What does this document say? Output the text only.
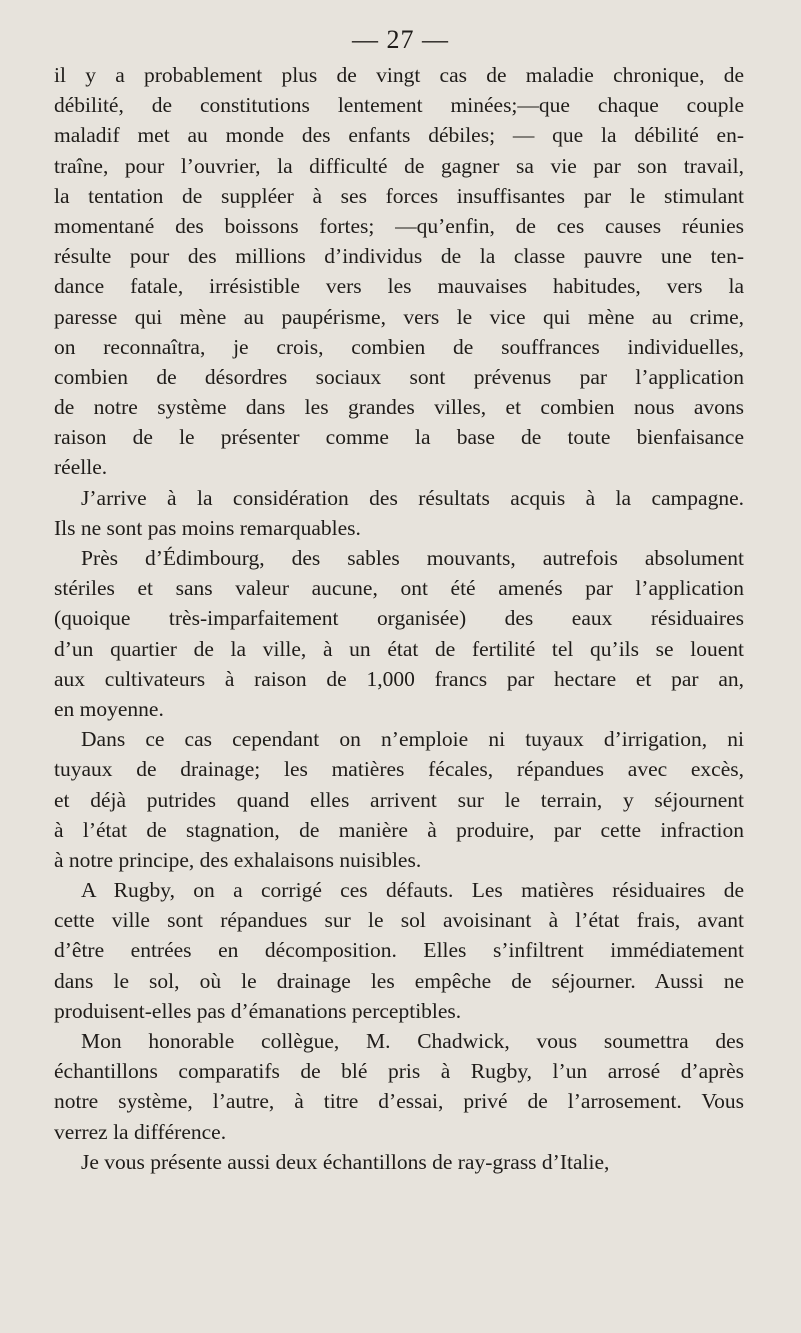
— 27 —
il y a probablement plus de vingt cas de maladie chronique, de
débilité, de constitutions lentement minées;—que chaque couple
maladif met au monde des enfants débiles; — que la débilité en-
traîne, pour l’ouvrier, la difficulté de gagner sa vie par son travail,
la tentation de suppléer à ses forces insuffisantes par le stimulant
momentané des boissons fortes; —qu’enfin, de ces causes réunies
résulte pour des millions d’individus de la classe pauvre une ten-
dance fatale, irrésistible vers les mauvaises habitudes, vers la
paresse qui mène au paupérisme, vers le vice qui mène au crime,
on reconnaîtra, je crois, combien de souffrances individuelles,
combien de désordres sociaux sont prévenus par l’application
de notre système dans les grandes villes, et combien nous avons
raison de le présenter comme la base de toute bienfaisance
réelle.
J’arrive à la considération des résultats acquis à la campagne.
Ils ne sont pas moins remarquables.
Près d’Édimbourg, des sables mouvants, autrefois absolument
stériles et sans valeur aucune, ont été amenés par l’application
(quoique très-imparfaitement organisée) des eaux résiduaires
d’un quartier de la ville, à un état de fertilité tel qu’ils se louent
aux cultivateurs à raison de 1,000 francs par hectare et par an,
en moyenne.
Dans ce cas cependant on n’emploie ni tuyaux d’irrigation, ni
tuyaux de drainage; les matières fécales, répandues avec excès,
et déjà putrides quand elles arrivent sur le terrain, y séjournent
à l’état de stagnation, de manière à produire, par cette infraction
à notre principe, des exhalaisons nuisibles.
A Rugby, on a corrigé ces défauts. Les matières résiduaires de
cette ville sont répandues sur le sol avoisinant à l’état frais, avant
d’être entrées en décomposition. Elles s’infiltrent immédiatement
dans le sol, où le drainage les empêche de séjourner. Aussi ne
produisent-elles pas d’émanations perceptibles.
Mon honorable collègue, M. Chadwick, vous soumettra des
échantillons comparatifs de blé pris à Rugby, l’un arrosé d’après
notre système, l’autre, à titre d’essai, privé de l’arrosement. Vous
verrez la différence.
Je vous présente aussi deux échantillons de ray-grass d’Italie,
